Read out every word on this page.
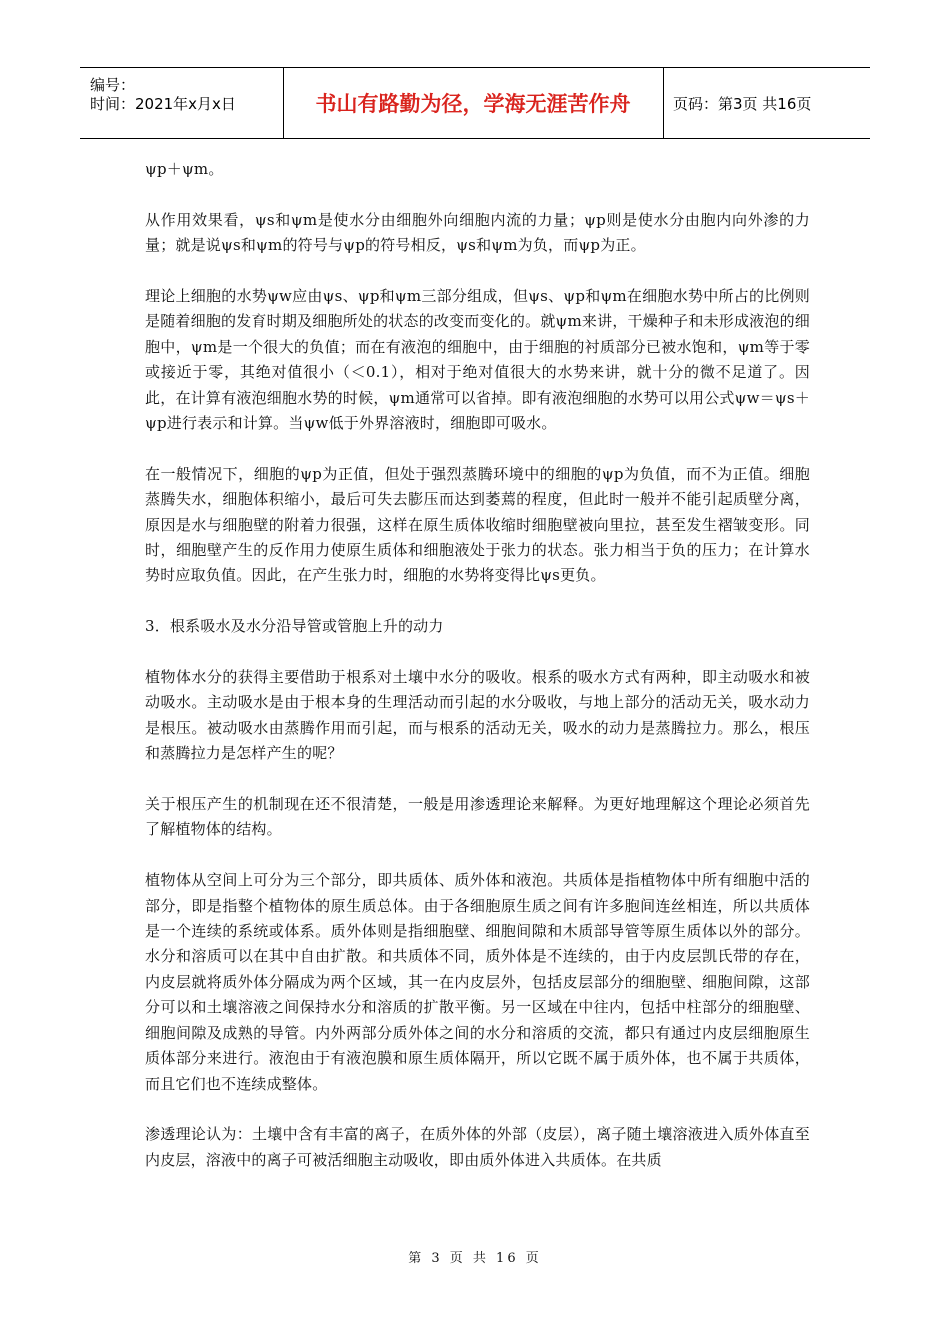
编号：
时间：2021年x月x日	书山有路勤为径，学海无涯苦作舟	页码：第3页 共16页

ψp＋ψm。

从作用效果看，ψs和ψm是使水分由细胞外向细胞内流的力量；ψp则是使水分由胞内向外渗的力量；就是说ψs和ψm的符号与ψp的符号相反，ψs和ψm为负，而ψp为正。

理论上细胞的水势ψw应由ψs、ψp和ψm三部分组成，但ψs、ψp和ψm在细胞水势中所占的比例则是随着细胞的发育时期及细胞所处的状态的改变而变化的。就ψm来讲，干燥种子和未形成液泡的细胞中，ψm是一个很大的负值；而在有液泡的细胞中，由于细胞的衬质部分已被水饱和，ψm等于零或接近于零，其绝对值很小（＜0.1），相对于绝对值很大的水势来讲，就十分的微不足道了。因此，在计算有液泡细胞水势的时候，ψm通常可以省掉。即有液泡细胞的水势可以用公式ψw＝ψs＋ψp进行表示和计算。当ψw低于外界溶液时，细胞即可吸水。

在一般情况下，细胞的ψp为正值，但处于强烈蒸腾环境中的细胞的ψp为负值，而不为正值。细胞蒸腾失水，细胞体积缩小，最后可失去膨压而达到萎蔫的程度，但此时一般并不能引起质壁分离，原因是水与细胞壁的附着力很强，这样在原生质体收缩时细胞壁被向里拉，甚至发生褶皱变形。同时，细胞壁产生的反作用力使原生质体和细胞液处于张力的状态。张力相当于负的压力；在计算水势时应取负值。因此，在产生张力时，细胞的水势将变得比ψs更负。

3．根系吸水及水分沿导管或管胞上升的动力

植物体水分的获得主要借助于根系对土壤中水分的吸收。根系的吸水方式有两种，即主动吸水和被动吸水。主动吸水是由于根本身的生理活动而引起的水分吸收，与地上部分的活动无关，吸水动力是根压。被动吸水由蒸腾作用而引起，而与根系的活动无关，吸水的动力是蒸腾拉力。那么，根压和蒸腾拉力是怎样产生的呢？

关于根压产生的机制现在还不很清楚，一般是用渗透理论来解释。为更好地理解这个理论必须首先了解植物体的结构。

植物体从空间上可分为三个部分，即共质体、质外体和液泡。共质体是指植物体中所有细胞中活的部分，即是指整个植物体的原生质总体。由于各细胞原生质之间有许多胞间连丝相连，所以共质体是一个连续的系统或体系。质外体则是指细胞壁、细胞间隙和木质部导管等原生质体以外的部分。水分和溶质可以在其中自由扩散。和共质体不同，质外体是不连续的，由于内皮层凯氏带的存在，内皮层就将质外体分隔成为两个区域，其一在内皮层外，包括皮层部分的细胞壁、细胞间隙，这部分可以和土壤溶液之间保持水分和溶质的扩散平衡。另一区域在中往内，包括中柱部分的细胞壁、细胞间隙及成熟的导管。内外两部分质外体之间的水分和溶质的交流，都只有通过内皮层细胞原生质体部分来进行。液泡由于有液泡膜和原生质体隔开，所以它既不属于质外体，也不属于共质体，而且它们也不连续成整体。

渗透理论认为：土壤中含有丰富的离子，在质外体的外部（皮层），离子随土壤溶液进入质外体直至内皮层，溶液中的离子可被活细胞主动吸收，即由质外体进入共质体。在共质

第 3 页 共 16 页
